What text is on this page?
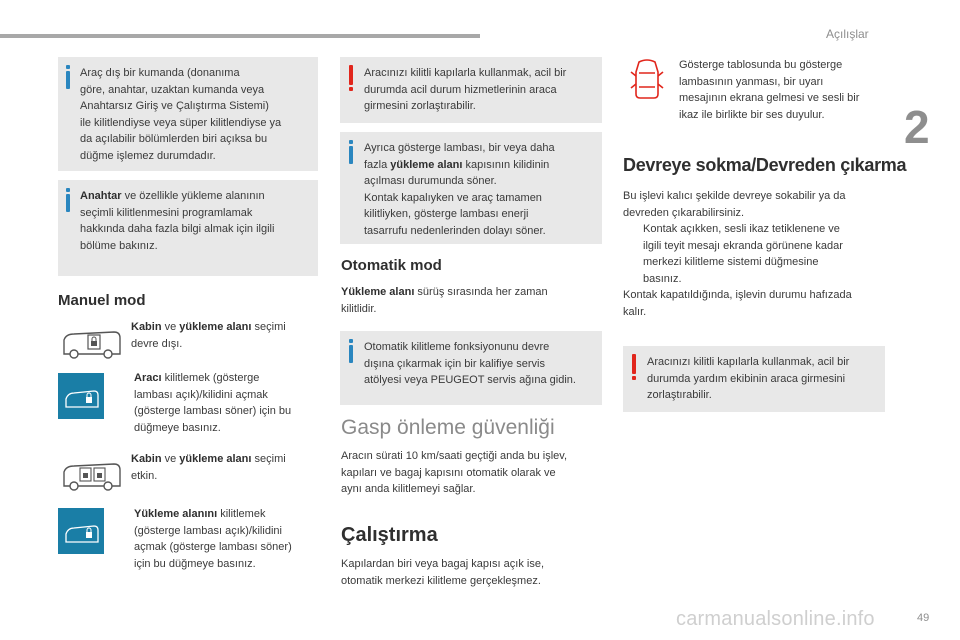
Açılışlar
2
carmanualsonline.info	49

Araç dış bir kumanda (donanıma

göre, anahtar, uzaktan kumanda veya

Anahtarsız Giriş ve Çalıştırma Sistemi)

ile kilitlendiyse veya süper kilitlendiyse ya

da açılabilir bölümlerden biri açıksa bu

düğme işlemez durumdadır.

Anahtar ve özellikle yükleme alanının

seçimli kilitlenmesini programlamak

hakkında daha fazla bilgi almak için ilgili

bölüme bakınız.

Manuel mod

Kabin ve yükleme alanı seçimi

devre dışı.

Aracı kilitlemek (gösterge

lambası açık)/kilidini açmak

(gösterge lambası söner) için bu

düğmeye basınız.

Kabin ve yükleme alanı seçimi

etkin.

Yükleme alanını kilitlemek

(gösterge lambası açık)/kilidini

açmak (gösterge lambası söner)

için bu düğmeye basınız.

Aracınızı kilitli kapılarla kullanmak, acil bir

durumda acil durum hizmetlerinin araca

girmesini zorlaştırabilir.

Ayrıca gösterge lambası, bir veya daha

fazla yükleme alanı kapısının kilidinin

açılması durumunda söner.

Kontak kapalıyken ve araç tamamen

kilitliyken, gösterge lambası enerji

tasarrufu nedenlerinden dolayı söner.

Otomatik mod

Yükleme alanı sürüş sırasında her zaman

kilitlidir.

Otomatik kilitleme fonksiyonunu devre

dışına çıkarmak için bir kalifiye servis

atölyesi veya PEUGEOT servis ağına gidin.

Gasp önleme güvenliği

Aracın sürati 10 km/saati geçtiği anda bu işlev,

kapıları ve bagaj kapısını otomatik olarak ve

aynı anda kilitlemeyi sağlar.

Çalıştırma

Kapılardan biri veya bagaj kapısı açık ise,

otomatik merkezi kilitleme gerçekleşmez.

Gösterge tablosunda bu gösterge

lambasının yanması, bir uyarı

mesajının ekrana gelmesi ve sesli bir

ikaz ile birlikte bir ses duyulur.

Devreye sokma/Devreden çıkarma

Bu işlevi kalıcı şekilde devreye sokabilir ya da

devreden çıkarabilirsiniz.

Kontak açıkken, sesli ikaz tetiklenene ve

ilgili teyit mesajı ekranda görünene kadar

merkezi kilitleme sistemi düğmesine

basınız.

Kontak kapatıldığında, işlevin durumu hafızada

kalır.

Aracınızı kilitli kapılarla kullanmak, acil bir

durumda yardım ekibinin araca girmesini

zorlaştırabilir.
